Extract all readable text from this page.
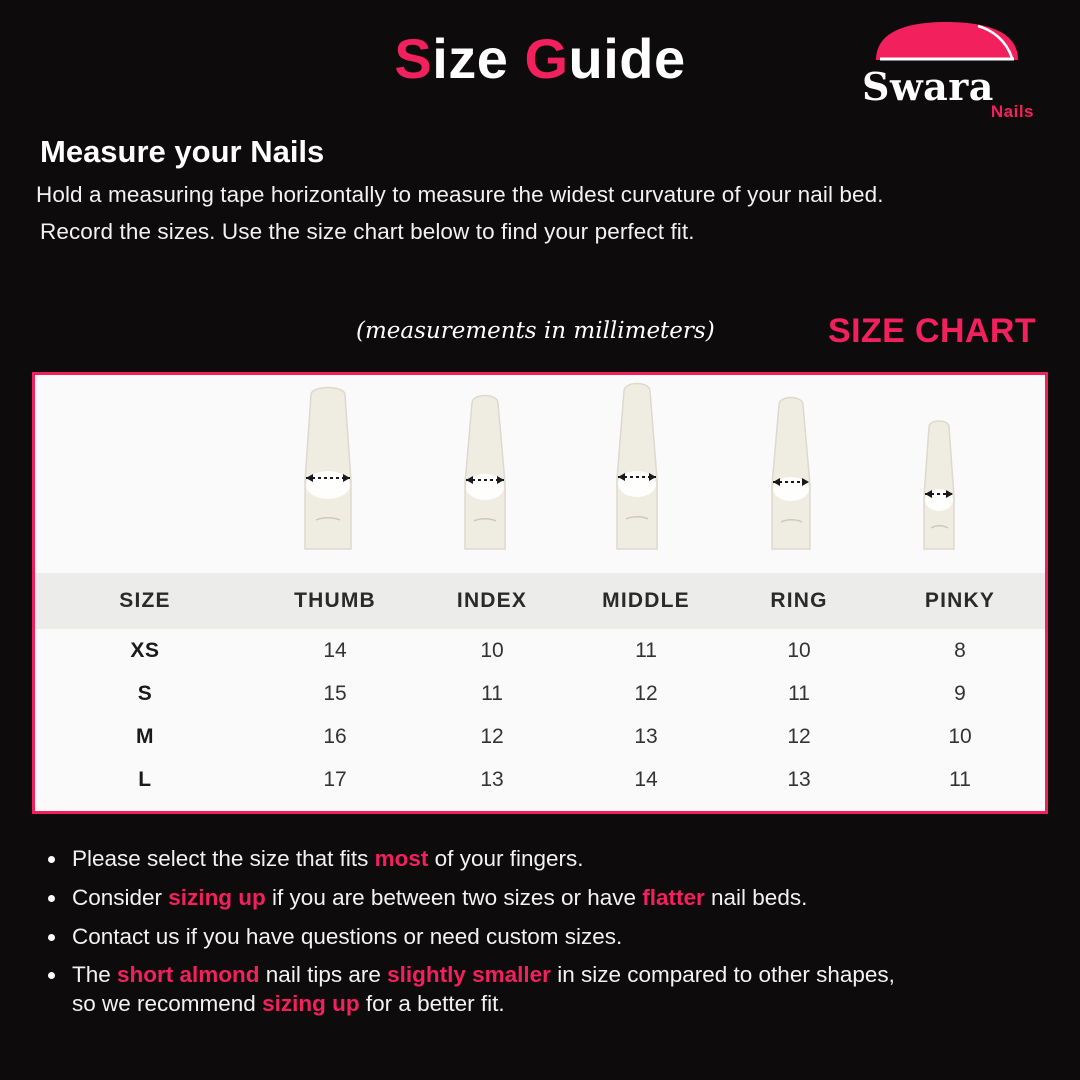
Size Guide	Swara
Nails
Measure your Nails
Hold a measuring tape horizontally to measure the widest curvature of your nail bed.
Record the sizes. Use the size chart below to find your perfect fit.
(measurements in millimeters)	SIZE CHART
SIZE	THUMB	INDEX	MIDDLE	RING	PINKY
XS	14	10	11	10	8
S	15	11	12	11	9
M	16	12	13	12	10
L	17	13	14	13	11
Please select the size that fits most of your fingers.
Consider sizing up if you are between two sizes or have flatter nail beds.
Contact us if you have questions or need custom sizes.
The short almond nail tips are slightly smaller in size compared to other shapes,
so we recommend sizing up for a better fit.
